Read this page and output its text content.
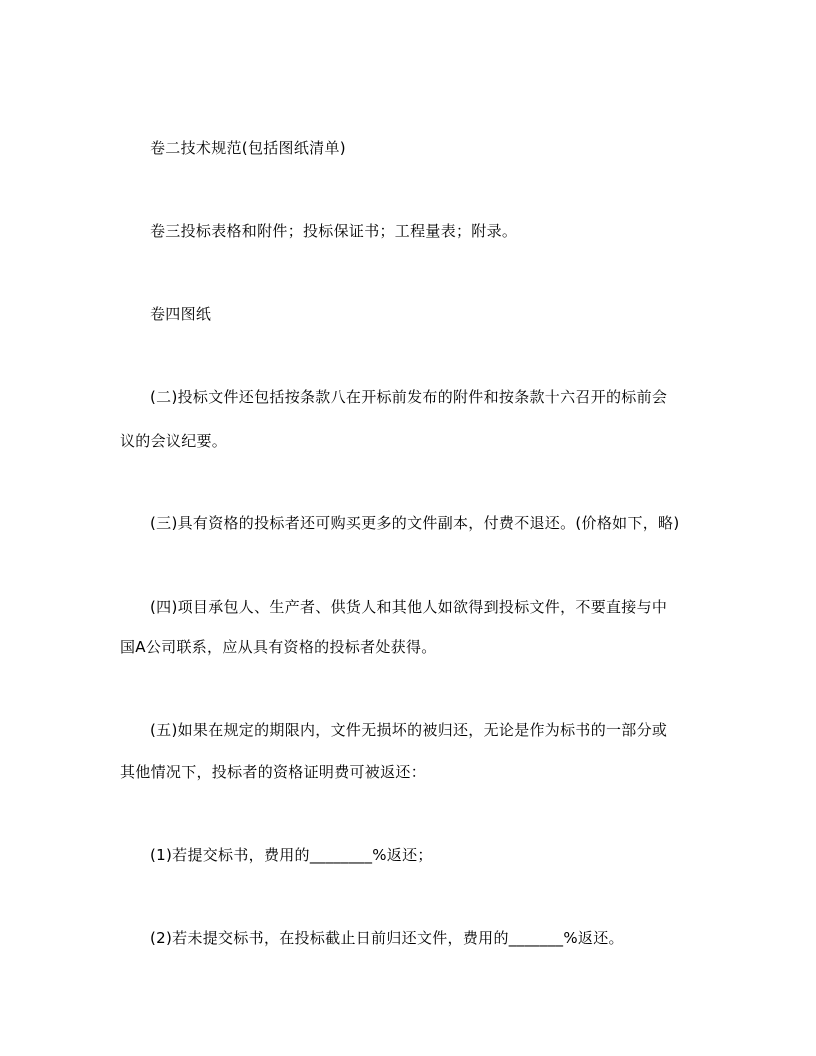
卷二技术规范(包括图纸清单)
卷三投标表格和附件；投标保证书；工程量表；附录。
卷四图纸
(二)投标文件还包括按条款八在开标前发布的附件和按条款十六召开的标前会
议的会议纪要。
(三)具有资格的投标者还可购买更多的文件副本，付费不退还。(价格如下，略)
(四)项目承包人、生产者、供货人和其他人如欲得到投标文件，不要直接与中
国A公司联系，应从具有资格的投标者处获得。
(五)如果在规定的期限内，文件无损坏的被归还，无论是作为标书的一部分或
其他情况下，投标者的资格证明费可被返还：
(1)若提交标书，费用的________%返还；
(2)若未提交标书，在投标截止日前归还文件，费用的_______%返还。
